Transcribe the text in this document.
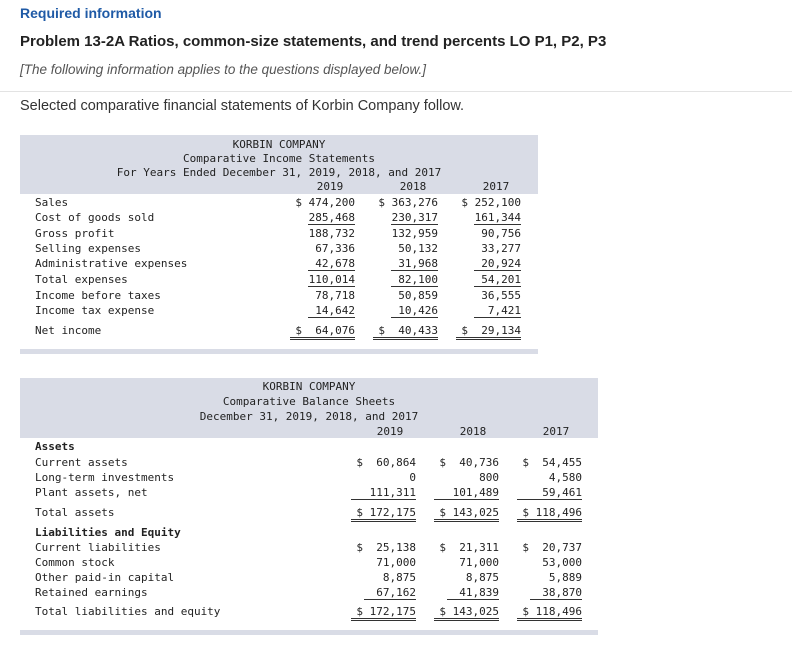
Required information
Problem 13-2A Ratios, common-size statements, and trend percents LO P1, P2, P3
[The following information applies to the questions displayed below.]
Selected comparative financial statements of Korbin Company follow.
KORBIN COMPANY
Comparative Income Statements
For Years Ended December 31, 2019, 2018, and 2017
2019	2018	2017
Sales	$ 474,200	$ 363,276	$ 252,100
Cost of goods sold	285,468	230,317	161,344
Gross profit	188,732	132,959	90,756
Selling expenses	67,336	50,132	33,277
Administrative expenses	42,678	31,968	20,924
Total expenses	110,014	82,100	54,201
Income before taxes	78,718	50,859	36,555
Income tax expense	14,642	10,426	7,421
Net income	$  64,076	$  40,433	$  29,134
KORBIN COMPANY
Comparative Balance Sheets
December 31, 2019, 2018, and 2017
2019	2018	2017
Assets
Current assets	$  60,864	$  40,736	$  54,455
Long-term investments	0	800	4,580
Plant assets, net	111,311	101,489	59,461
Total assets	$ 172,175	$ 143,025	$ 118,496
Liabilities and Equity
Current liabilities	$  25,138	$  21,311	$  20,737
Common stock	71,000	71,000	53,000
Other paid-in capital	8,875	8,875	5,889
Retained earnings	67,162	41,839	38,870
Total liabilities and equity	$ 172,175	$ 143,025	$ 118,496
